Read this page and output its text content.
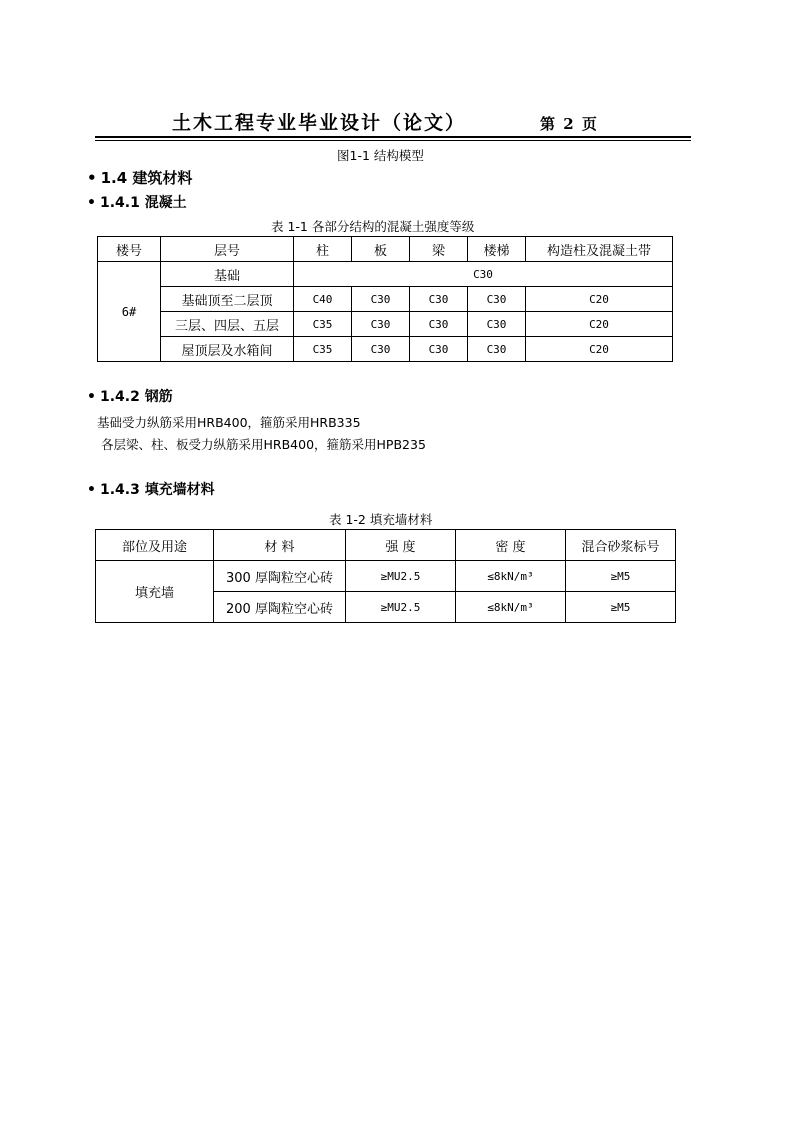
土木工程专业毕业设计（论文）	第 2 页
图1-1 结构模型
• 1.4 建筑材料
• 1.4.1 混凝土
表 1-1 各部分结构的混凝土强度等级
楼号	层号	柱	板	梁	楼梯	构造柱及混凝土带
6#	基础	C30				
	基础顶至二层顶	C40	C30	C30	C30	C20
	三层、四层、五层	C35	C30	C30	C30	C20
	屋顶层及水箱间	C35	C30	C30	C30	C20
• 1.4.2 钢筋
基础受力纵筋采用HRB400，箍筋采用HRB335
各层梁、柱、板受力纵筋采用HRB400，箍筋采用HPB235
• 1.4.3 填充墙材料
表 1-2 填充墙材料
部位及用途	材 料	强 度	密 度	混合砂浆标号
填充墙	300 厚陶粒空心砖	≥MU2.5	≤8kN/m³	≥M5
	200 厚陶粒空心砖	≥MU2.5	≤8kN/m³	≥M5
